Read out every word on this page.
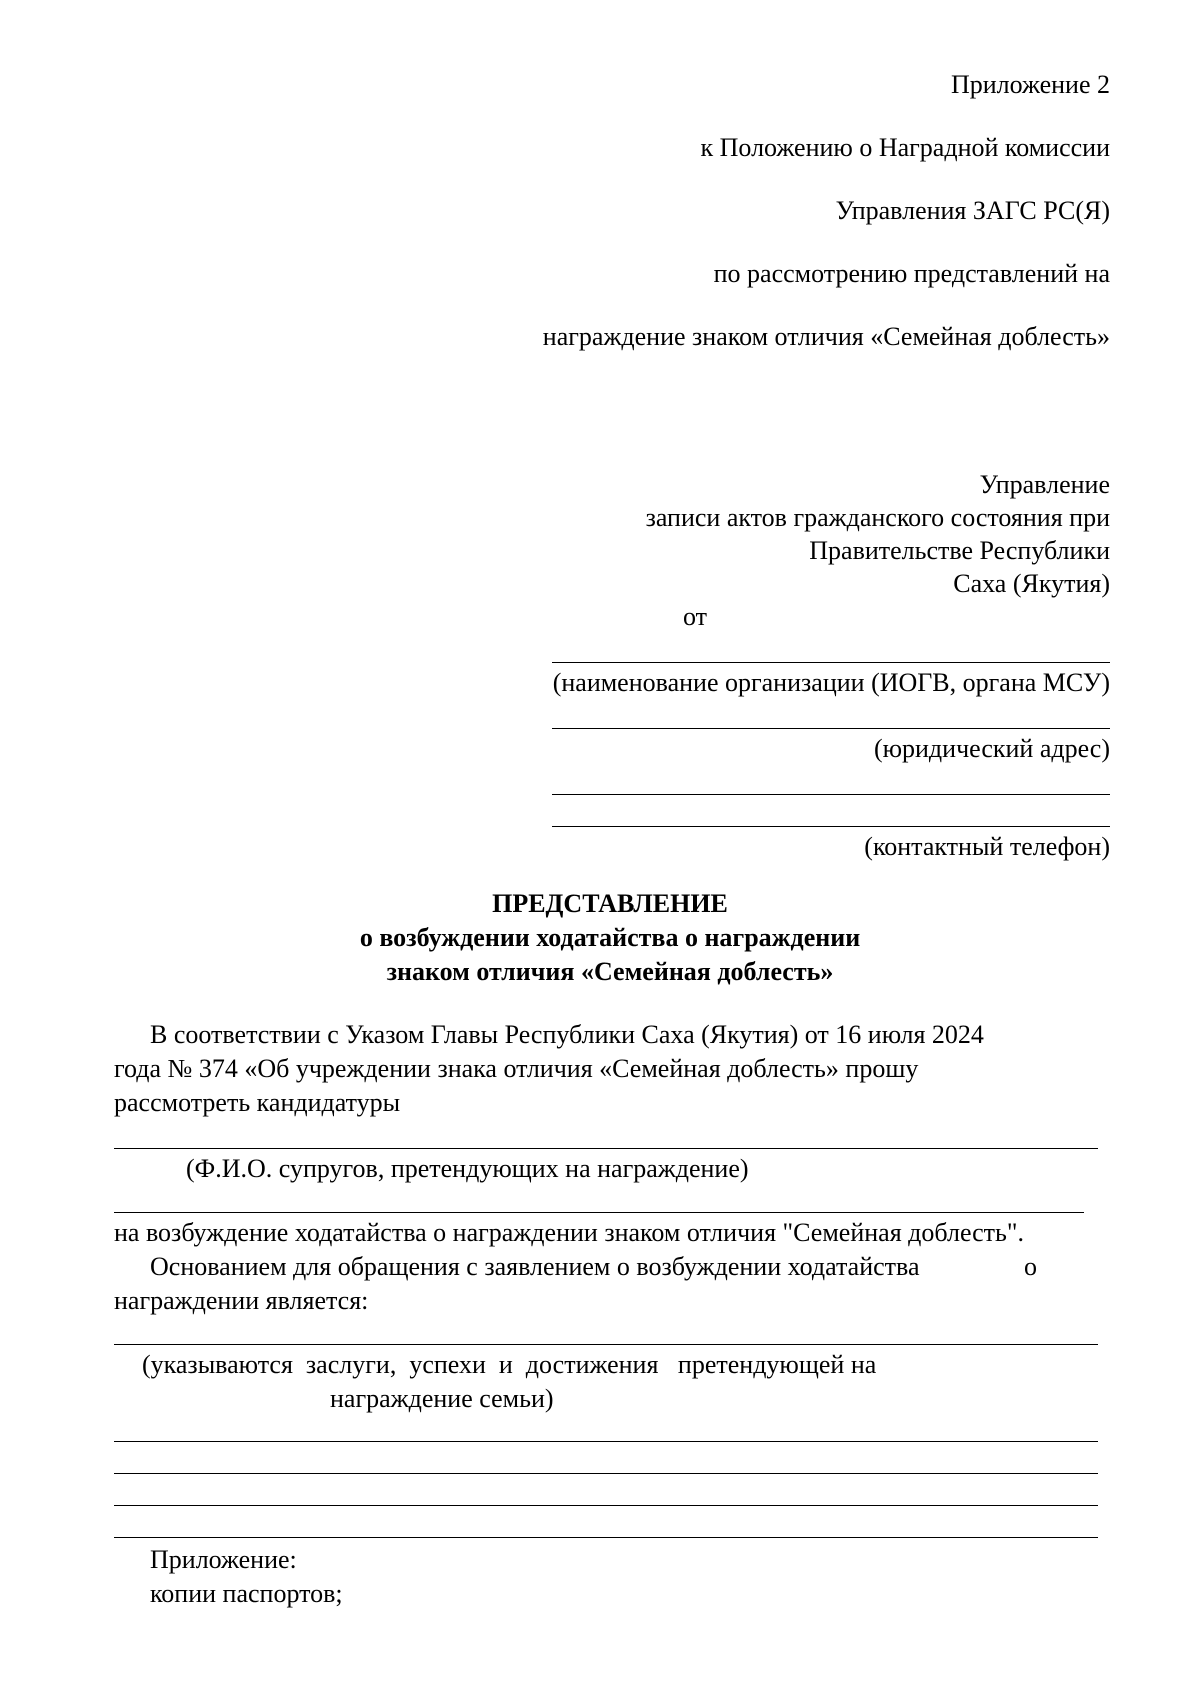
Приложение 2
к Положению о Наградной комиссии
Управления ЗАГС РС(Я)
по рассмотрению представлений на
награждение знаком отличия «Семейная доблесть»
Управление
записи актов гражданского состояния при
Правительстве Республики
Саха (Якутия)
от
(наименование организации (ИОГВ, органа МСУ)
(юридический адрес)
(контактный телефон)
ПРЕДСТАВЛЕНИЕ
о возбуждении ходатайства о награждении
знаком отличия «Семейная доблесть»
В соответствии с Указом Главы Республики Саха (Якутия) от 16 июля 2024
года № 374 «Об учреждении знака отличия «Семейная доблесть» прошу
рассмотреть кандидатуры
(Ф.И.О. супругов, претендующих на награждение)
на возбуждение ходатайства о награждении знаком отличия "Семейная доблесть".
Основанием для обращения с заявлением о возбуждении ходатайства	о
награждении является:
(указываются  заслуги,  успехи  и  достижения   претендующей на
награждение семьи)
Приложение:
копии паспортов;
